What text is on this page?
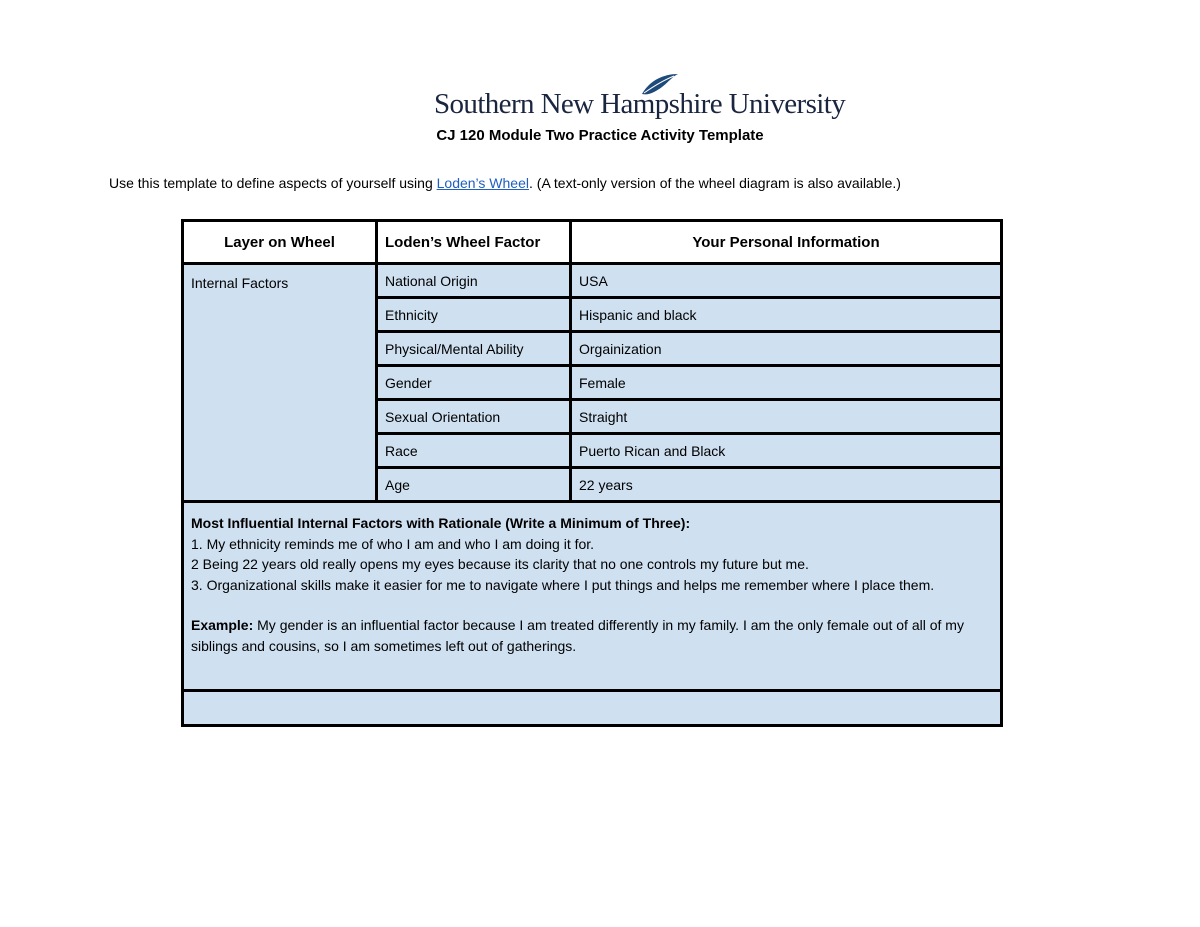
Southern New Hampshire University
CJ 120 Module Two Practice Activity Template
Use this template to define aspects of yourself using Loden’s Wheel. (A text-only version of the wheel diagram is also available.)
Layer on Wheel	Loden’s Wheel Factor	Your Personal Information
Internal Factors	National Origin	USA
	Ethnicity	Hispanic and black
	Physical/Mental Ability	Orgainization
	Gender	Female
	Sexual Orientation	Straight
	Race	Puerto Rican and Black
	Age	22 years

Most Influential Internal Factors with Rationale (Write a Minimum of Three):
1. My ethnicity reminds me of who I am and who I am doing it for.
2 Being 22 years old really opens my eyes because its clarity that no one controls my future but me.
3. Organizational skills make it easier for me to navigate where I put things and helps me remember where I place them.
Example: My gender is an influential factor because I am treated differently in my family. I am the only female out of all of my siblings and cousins, so I am sometimes left out of gatherings.		
